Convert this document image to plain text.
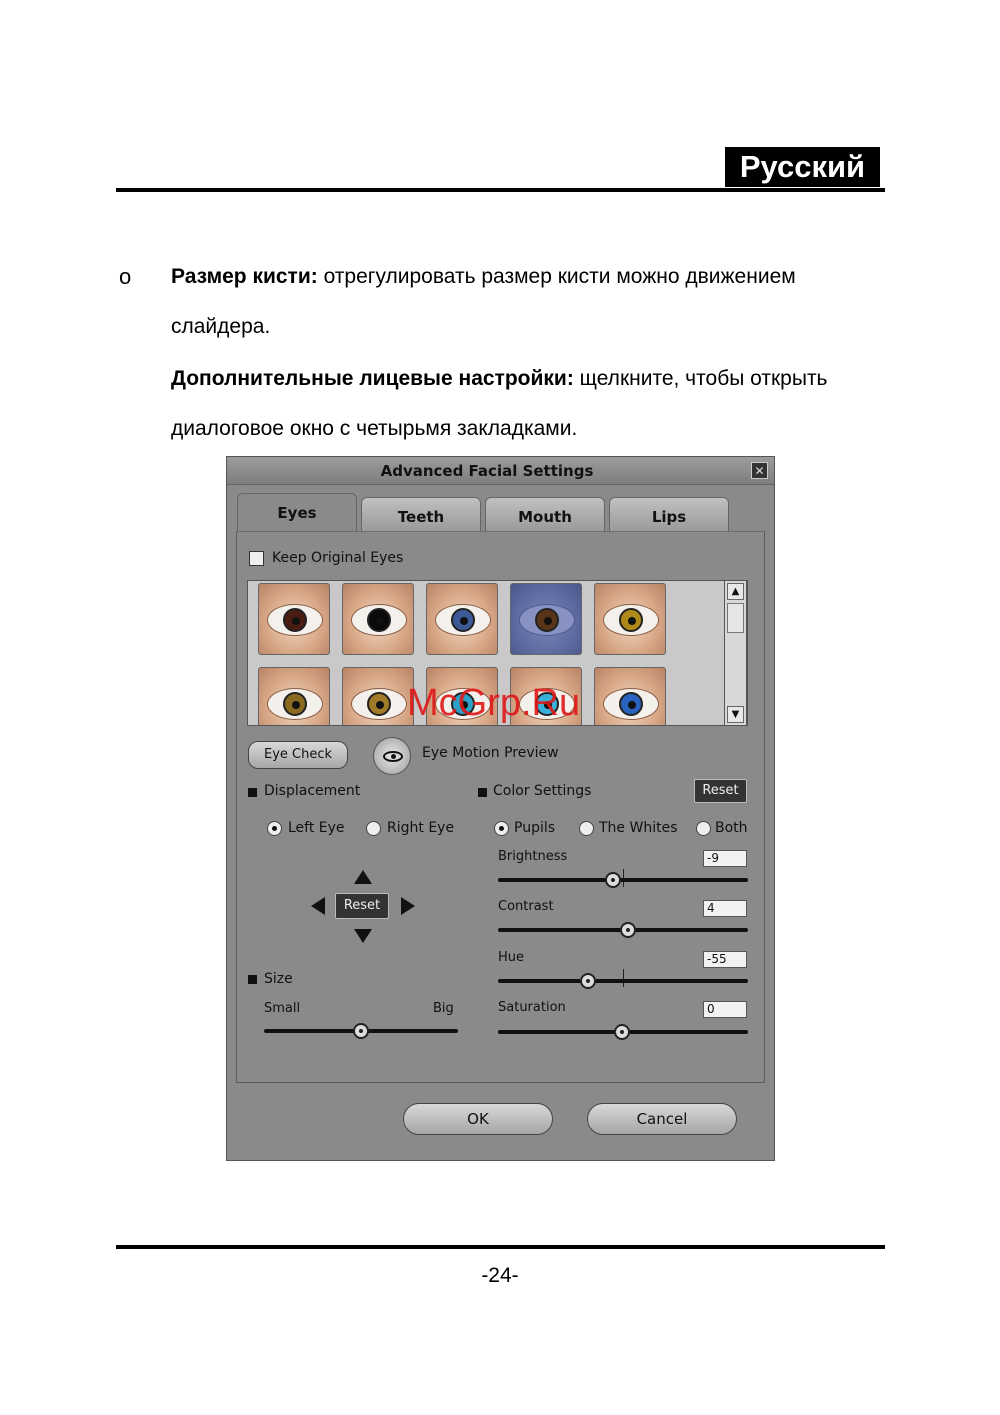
Русский
o Размер кисти: отрегулировать размер кисти можно движением
слайдера.
Дополнительные лицевые настройки: щелкните, чтобы открыть
диалоговое окно с четырьмя закладками.
Advanced Facial Settings	✕
Eyes	Teeth	Mouth	Lips
Keep Original Eyes
▲
▼
McGrp.Ru
Eye Check	Eye Motion Preview
Displacement
Left Eye	Right Eye
Reset
Size
Small	Big
Color Settings	Reset
Pupils	The Whites	Both
Brightness	-9
Contrast	4
Hue	-55
Saturation	0
OK	Cancel
-24-
